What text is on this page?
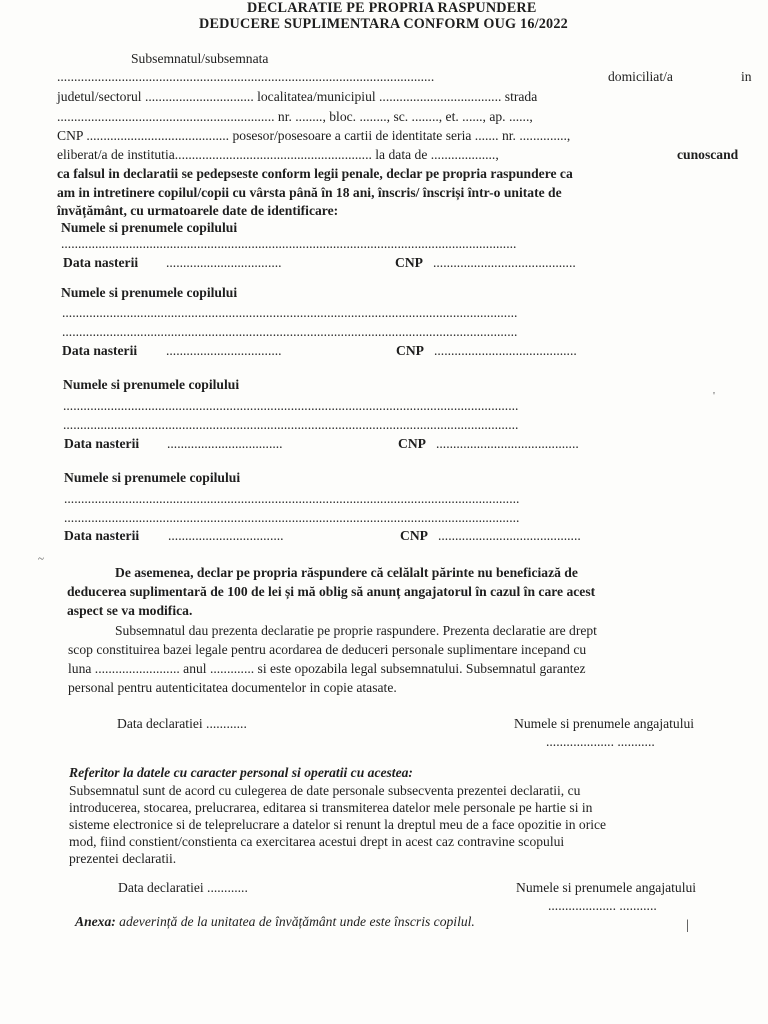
DECLARATIE PE PROPRIA RASPUNDERE
DEDUCERE SUPLIMENTARA CONFORM OUG 16/2022
Subsemnatul/subsemnata
...............................................................................................................	domiciliat/a	in
judetul/sectorul ................................ localitatea/municipiul .................................... strada
................................................................ nr. ........, bloc. ........, sc. ........, et. ......, ap. ......,
CNP .......................................... posesor/posesoare a cartii de identitate seria ....... nr. ..............,
eliberat/a de institutia.......................................................... la data de ...................,	cunoscand
ca falsul in declaratii se pedepseste conform legii penale, declar pe propria raspundere ca
am in intretinere copilul/copii cu vârsta până în 18 ani, înscris/ înscriși într-o unitate de
învățământ, cu urmatoarele date de identificare:
Numele si prenumele copilului
......................................................................................................................................
Data nasterii ..................................	CNP ..........................................
Numele si prenumele copilului
......................................................................................................................................
......................................................................................................................................
Data nasterii ..................................	CNP ..........................................
Numele si prenumele copilului
......................................................................................................................................
......................................................................................................................................
Data nasterii ..................................	CNP ..........................................
Numele si prenumele copilului
......................................................................................................................................
......................................................................................................................................
Data nasterii ..................................	CNP ..........................................
De asemenea, declar pe propria răspundere că celălalt părinte nu beneficiază de
deducerea suplimentară de 100 de lei și mă oblig să anunț angajatorul în cazul în care acest
aspect se va modifica.
Subsemnatul dau prezenta declaratie pe proprie raspundere. Prezenta declaratie are drept
scop constituirea bazei legale pentru acordarea de deduceri personale suplimentare incepand cu
luna ......................... anul ............. si este opozabila legal subsemnatului. Subsemnatul garantez
personal pentru autenticitatea documentelor in copie atasate.
Data declaratiei ............	Numele si prenumele angajatului
.................... ...........
Referitor la datele cu caracter personal si operatii cu acestea:
Subsemnatul sunt de acord cu culegerea de date personale subsecventa prezentei declaratii, cu
introducerea, stocarea, prelucrarea, editarea si transmiterea datelor mele personale pe hartie si in
sisteme electronice si de teleprelucrare a datelor si renunt la dreptul meu de a face opozitie in orice
mod, fiind constient/constienta ca exercitarea acestui drept in acest caz contravine scopului
prezentei declaratii.
Data declaratiei ............	Numele si prenumele angajatului
.................... ...........
Anexa: adeverință de la unitatea de învățământ unde este înscris copilul.
~
'
|
